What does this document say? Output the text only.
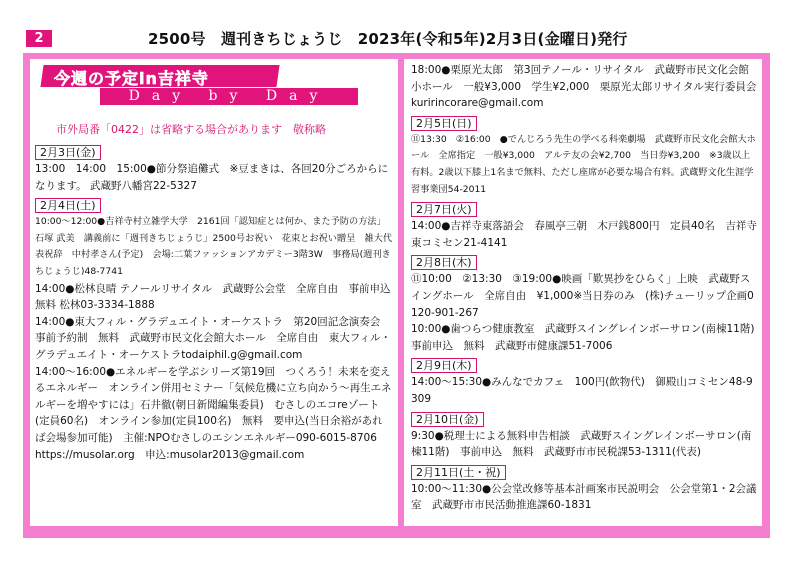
2	2500号　週刊きちじょうじ　2023年(令和5年)2月3日(金曜日)発行
今週の予定in吉祥寺
Day by Day
市外局番「0422」は省略する場合があります　敬称略
2月3日(金)
13:00　14:00　15:00●節分祭追儺式　※豆まきは、各回20分ごろからになります。 武蔵野八幡宮22-5327
2月4日(土)
10:00～12:00●吉祥寺村立雑学大学　2161回「認知症とは何か、また予防の方法」石塚 武美　講義前に「週刊きちじょうじ」2500号お祝い　花束とお祝い贈呈　雑大代表祝辞　中村孝さん(予定)　会場:二葉ファッションアカデミー3階3W　事務局(週刊きちじょうじ)48-7741
14:00●松林良晴 テノールリサイタル　武蔵野公会堂　全席自由　事前申込　無料 松林03-3334-1888
14:00●東大フィル・グラデュエイト・オーケストラ　第20回記念演奏会　事前予約制　無料　武蔵野市民文化会館大ホール　全席自由　東大フィル・グラデュエイト・オーケストラtodaiphil.g@gmail.com
14:00～16:00●エネルギーを学ぶシリーズ第19回　つくろう！未来を変えるエネルギー　オンライン併用セミナー「気候危機に立ち向かう～再生エネルギーを増やすには」石井徹(朝日新聞編集委員)　むさしのエコreゾート(定員60名)　オンライン参加(定員100名)　無料　要申込(当日余裕があれば会場参加可能)　主催:NPOむさしのエシンエネルギー090-6015-8706　https://musolar.org　申込:musolar2013@gmail.com
18:00●栗原光太郎　第3回テノール・リサイタル　武蔵野市民文化会館小ホール　一般¥3,000　学生¥2,000　栗原光太郎リサイタル実行委員会kuririncorare@gmail.com
2月5日(日)
⑪13:30　②16:00　●でんじろう先生の学べる科楽劇場　武蔵野市民文化会館大ホール　全席指定　一般¥3,000　アルテ友の会¥2,700　当日券¥3,200　※3歳以上有料。2歳以下膝上1名まで無料、ただし座席が必要な場合有料。武蔵野文化生涯学習事業団54-2011
2月7日(火)
14:00●吉祥寺東落語会　春風亭三朝　木戸銭800円　定員40名　吉祥寺東コミセン21-4141
2月8日(木)
⑪10:00　②13:30　③19:00●映画「歎異抄をひらく」上映　武蔵野スイングホール　全席自由　¥1,000※当日券のみ　(株)チューリップ企画0120-901-267
10:00●歯つらつ健康教室　武蔵野スイングレインボーサロン(南棟11階)　事前申込　無料　武蔵野市健康課51-7006
2月9日(木)
14:00～15:30●みんなでカフェ　100円(飲物代)　御殿山コミセン48-9309
2月10日(金)
9:30●税理士による無料申告相談　武蔵野スイングレインボーサロン(南棟11階)　事前申込　無料　武蔵野市市民税課53-1311(代表)
2月11日(土・祝)
10:00～11:30●公会堂改修等基本計画案市民説明会　公会堂第1・2会議室　武蔵野市市民活動推進課60-1831
